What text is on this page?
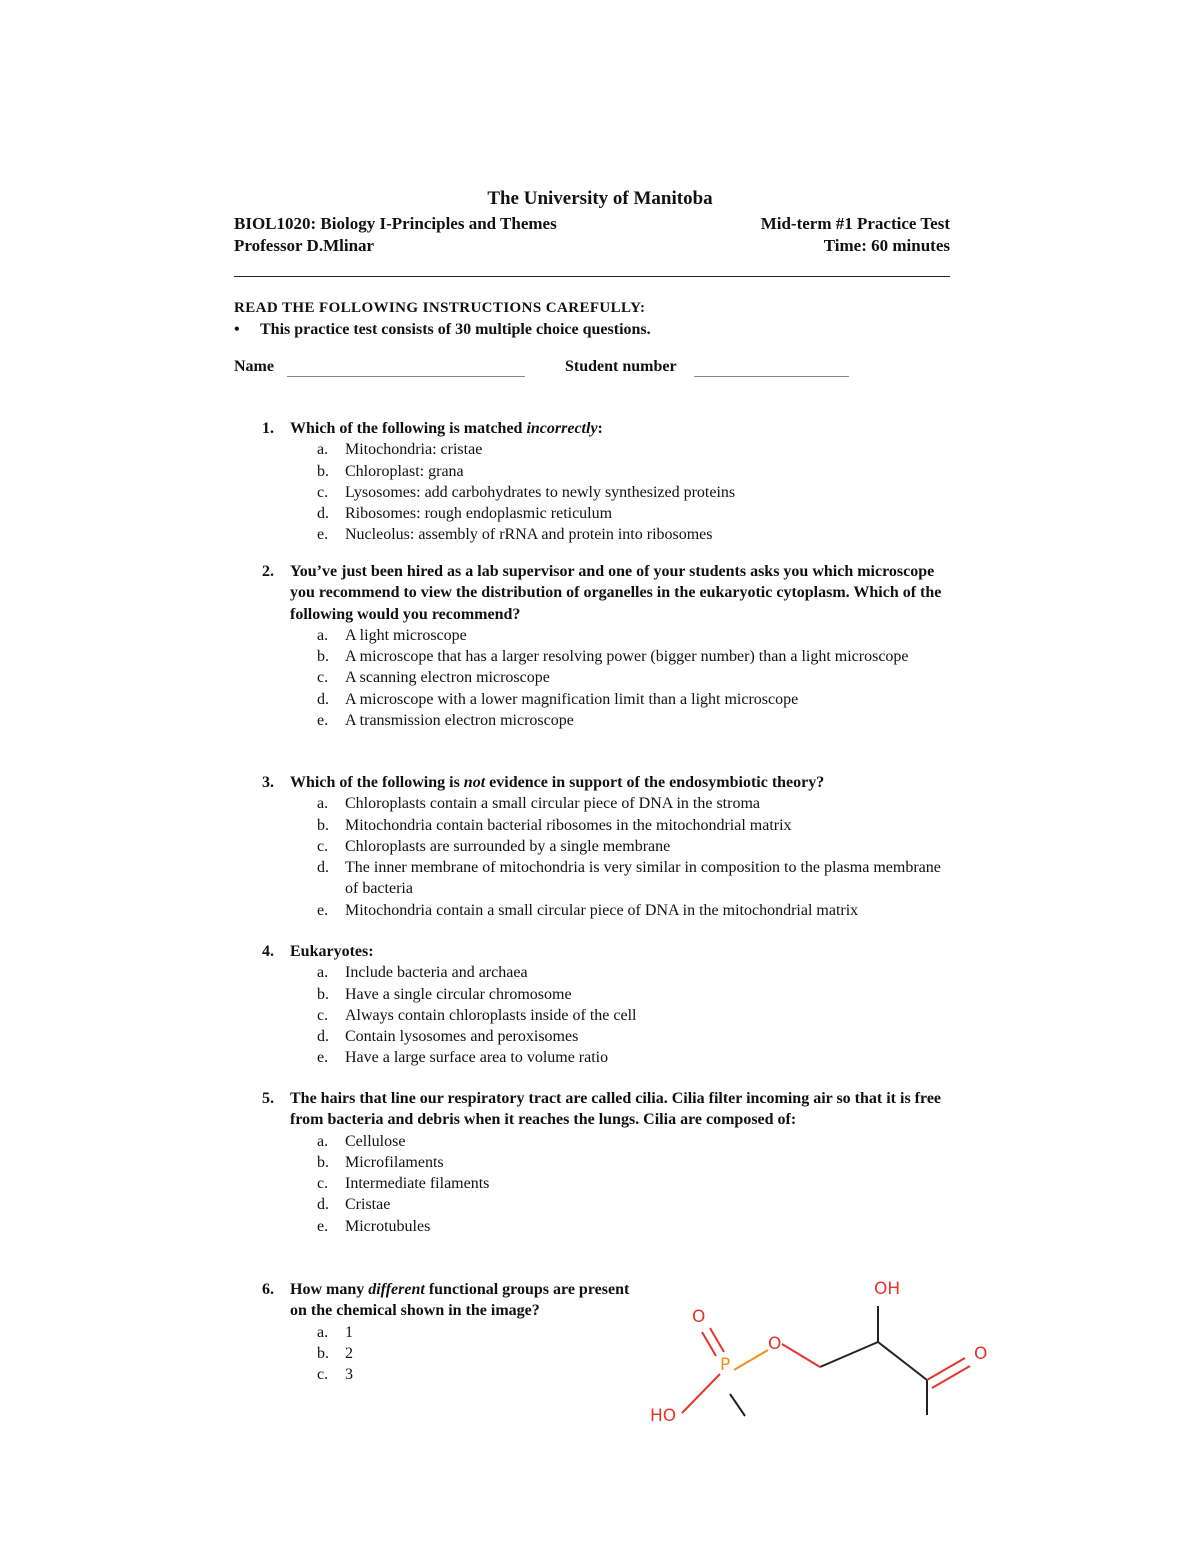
The University of Manitoba
BIOL1020: Biology I-Principles and Themes
Professor D.Mlinar
Mid-term #1 Practice Test
Time: 60 minutes
READ THE FOLLOWING INSTRUCTIONS CAREFULLY:
• This practice test consists of 30 multiple choice questions.
Name	Student number
1. Which of the following is matched incorrectly:
a. Mitochondria: cristae
b. Chloroplast: grana
c. Lysosomes: add carbohydrates to newly synthesized proteins
d. Ribosomes: rough endoplasmic reticulum
e. Nucleolus: assembly of rRNA and protein into ribosomes
2. You’ve just been hired as a lab supervisor and one of your students asks you which microscope you recommend to view the distribution of organelles in the eukaryotic cytoplasm. Which of the following would you recommend?
a. A light microscope
b. A microscope that has a larger resolving power (bigger number) than a light microscope
c. A scanning electron microscope
d. A microscope with a lower magnification limit than a light microscope
e. A transmission electron microscope
3. Which of the following is not evidence in support of the endosymbiotic theory?
a. Chloroplasts contain a small circular piece of DNA in the stroma
b. Mitochondria contain bacterial ribosomes in the mitochondrial matrix
c. Chloroplasts are surrounded by a single membrane
d. The inner membrane of mitochondria is very similar in composition to the plasma membrane of bacteria
e. Mitochondria contain a small circular piece of DNA in the mitochondrial matrix
4. Eukaryotes:
a. Include bacteria and archaea
b. Have a single circular chromosome
c. Always contain chloroplasts inside of the cell
d. Contain lysosomes and peroxisomes
e. Have a large surface area to volume ratio
5. The hairs that line our respiratory tract are called cilia. Cilia filter incoming air so that it is free from bacteria and debris when it reaches the lungs. Cilia are composed of:
a. Cellulose
b. Microfilaments
c. Intermediate filaments
d. Cristae
e. Microtubules
6. How many different functional groups are present on the chemical shown in the image?
a. 1
b. 2
c. 3
OH
O
P
O	O
HO
